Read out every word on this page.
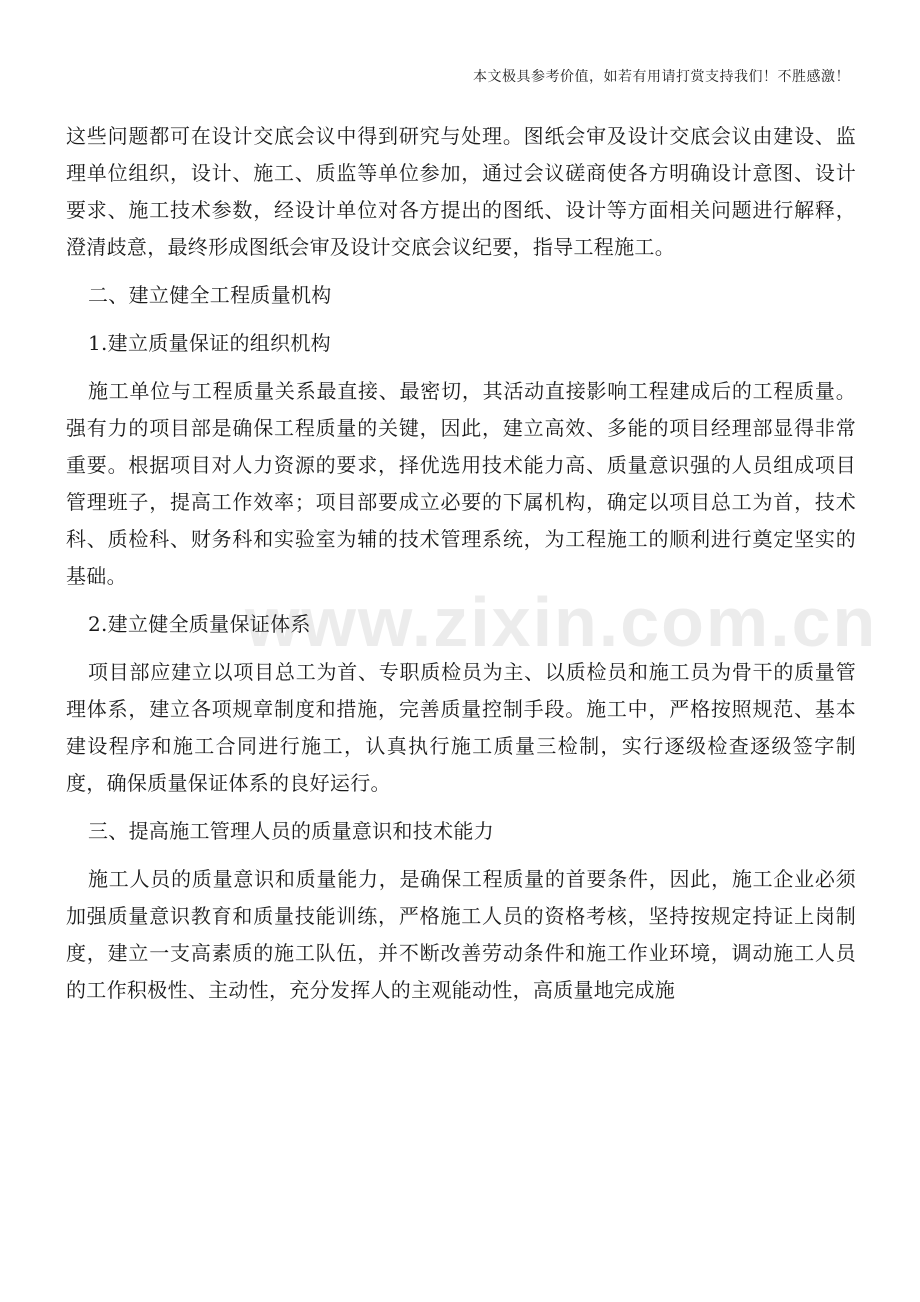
本文极具参考价值，如若有用请打赏支持我们！不胜感激！
www.zixin.com.cn

这些问题都可在设计交底会议中得到研究与处理。图纸会审及设计交底会议由建设、监理单位组织，设计、施工、质监等单位参加，通过会议磋商使各方明确设计意图、设计要求、施工技术参数，经设计单位对各方提出的图纸、设计等方面相关问题进行解释，澄清歧意，最终形成图纸会审及设计交底会议纪要，指导工程施工。

二、建立健全工程质量机构

1.建立质量保证的组织机构

施工单位与工程质量关系最直接、最密切，其活动直接影响工程建成后的工程质量。强有力的项目部是确保工程质量的关键，因此，建立高效、多能的项目经理部显得非常重要。根据项目对人力资源的要求，择优选用技术能力高、质量意识强的人员组成项目管理班子，提高工作效率；项目部要成立必要的下属机构，确定以项目总工为首，技术科、质检科、财务科和实验室为辅的技术管理系统，为工程施工的顺利进行奠定坚实的基础。

2.建立健全质量保证体系

项目部应建立以项目总工为首、专职质检员为主、以质检员和施工员为骨干的质量管理体系，建立各项规章制度和措施，完善质量控制手段。施工中，严格按照规范、基本建设程序和施工合同进行施工，认真执行施工质量三检制，实行逐级检查逐级签字制度，确保质量保证体系的良好运行。

三、提高施工管理人员的质量意识和技术能力

施工人员的质量意识和质量能力，是确保工程质量的首要条件，因此，施工企业必须加强质量意识教育和质量技能训练，严格施工人员的资格考核，坚持按规定持证上岗制度，建立一支高素质的施工队伍，并不断改善劳动条件和施工作业环境，调动施工人员的工作积极性、主动性，充分发挥人的主观能动性，高质量地完成施
